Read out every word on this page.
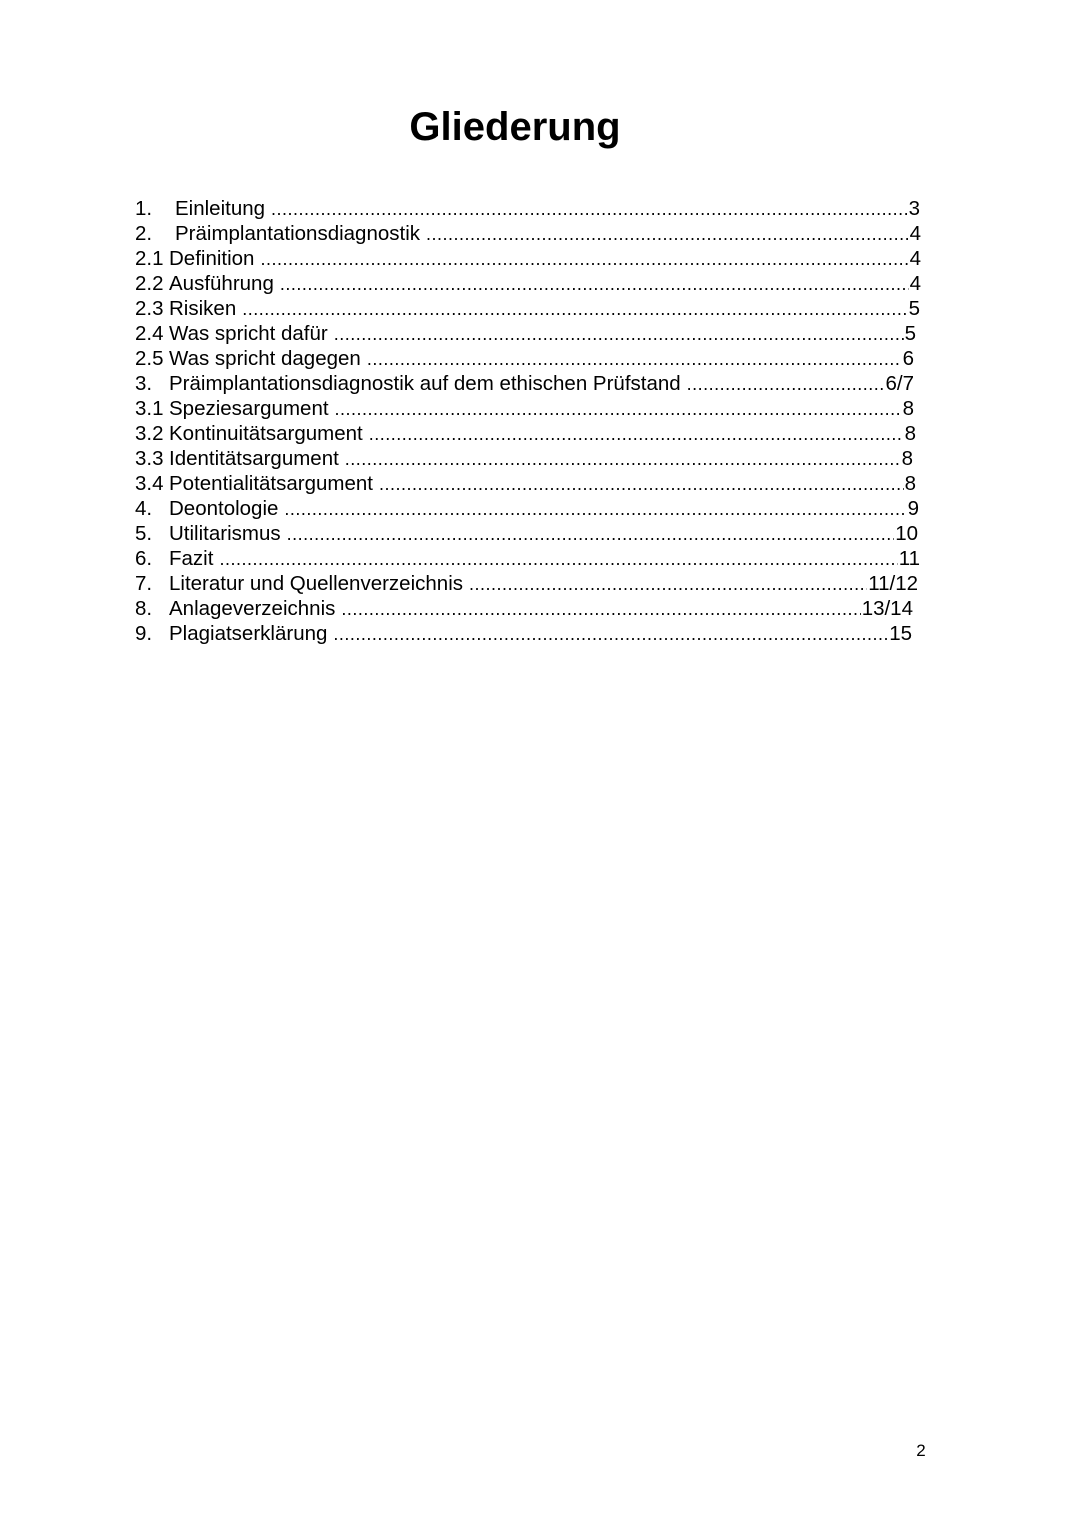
Gliederung
1.	Einleitung .....	3
2.	Präimplantationsdiagnostik .....	4
2.1 Definition .....	4
2.2 Ausführung .....	4
2.3 Risiken .....	5
2.4 Was spricht dafür .....	5
2.5 Was spricht dagegen .....	6
3. Präimplantationsdiagnostik auf dem ethischen Prüfstand .....	6/7
3.1 Speziesargument .....	8
3.2 Kontinuitätsargument .....	8
3.3 Identitätsargument .....	8
3.4 Potentialitätsargument .....	8
4. Deontologie .....	9
5. Utilitarismus .....	10
6. Fazit .....	11
7. Literatur und Quellenverzeichnis .....	11/12
8. Anlageverzeichnis .....	13/14
9. Plagiatserklärung .....	15

2
